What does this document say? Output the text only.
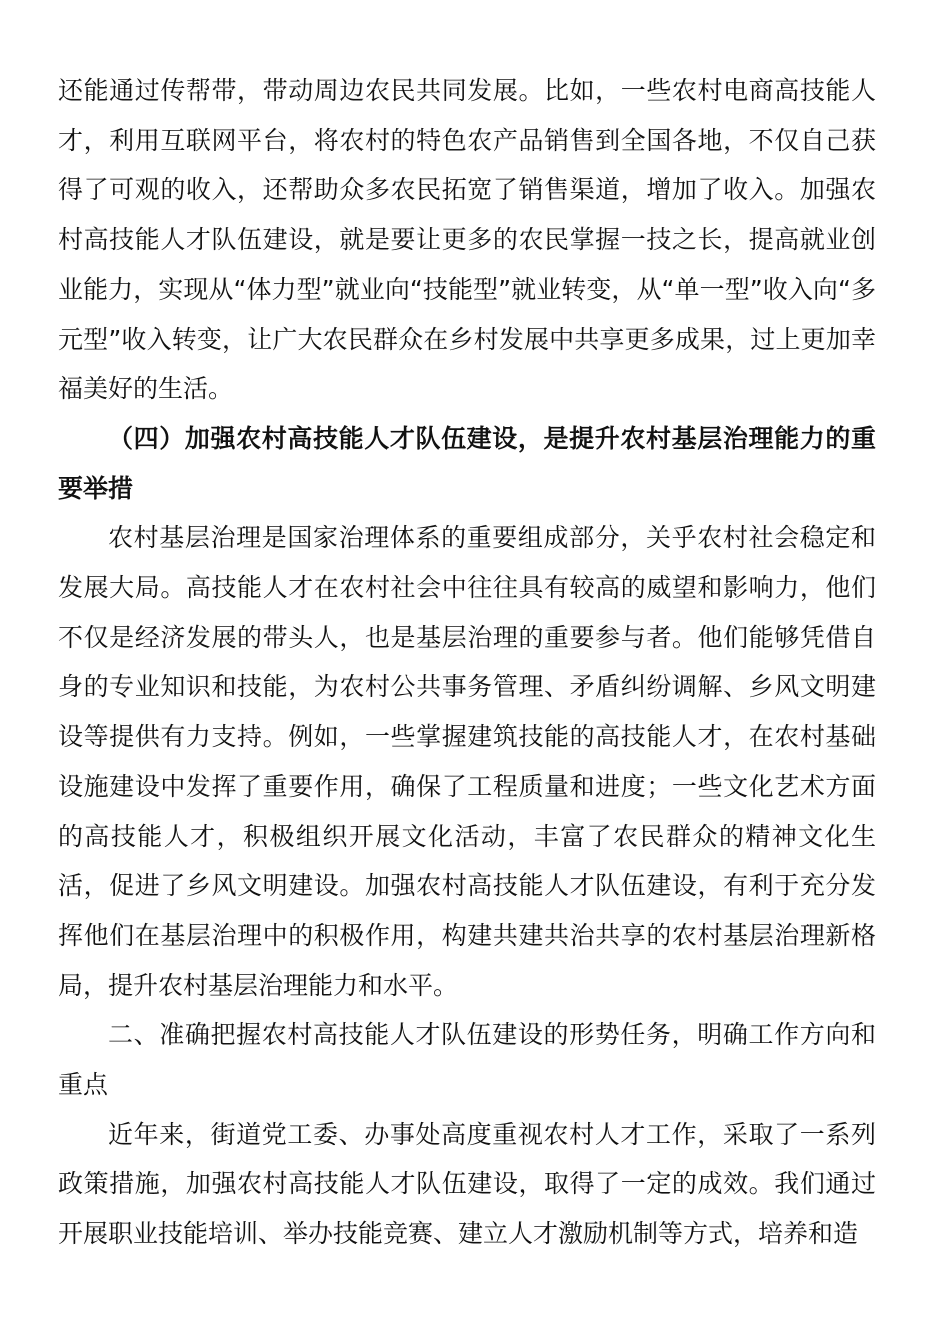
还能通过传帮带，带动周边农民共同发展。比如，一些农村电商高技能人才，利用互联网平台，将农村的特色农产品销售到全国各地，不仅自己获得了可观的收入，还帮助众多农民拓宽了销售渠道，增加了收入。加强农村高技能人才队伍建设，就是要让更多的农民掌握一技之长，提高就业创业能力，实现从“体力型”就业向“技能型”就业转变，从“单一型”收入向“多元型”收入转变，让广大农民群众在乡村发展中共享更多成果，过上更加幸福美好的生活。

（四）加强农村高技能人才队伍建设，是提升农村基层治理能力的重要举措

农村基层治理是国家治理体系的重要组成部分，关乎农村社会稳定和发展大局。高技能人才在农村社会中往往具有较高的威望和影响力，他们不仅是经济发展的带头人，也是基层治理的重要参与者。他们能够凭借自身的专业知识和技能，为农村公共事务管理、矛盾纠纷调解、乡风文明建设等提供有力支持。例如，一些掌握建筑技能的高技能人才，在农村基础设施建设中发挥了重要作用，确保了工程质量和进度；一些文化艺术方面的高技能人才，积极组织开展文化活动，丰富了农民群众的精神文化生活，促进了乡风文明建设。加强农村高技能人才队伍建设，有利于充分发挥他们在基层治理中的积极作用，构建共建共治共享的农村基层治理新格局，提升农村基层治理能力和水平。

二、准确把握农村高技能人才队伍建设的形势任务，明确工作方向和重点

近年来，街道党工委、办事处高度重视农村人才工作，采取了一系列政策措施，加强农村高技能人才队伍建设，取得了一定的成效。我们通过开展职业技能培训、举办技能竞赛、建立人才激励机制等方式，培养和造
